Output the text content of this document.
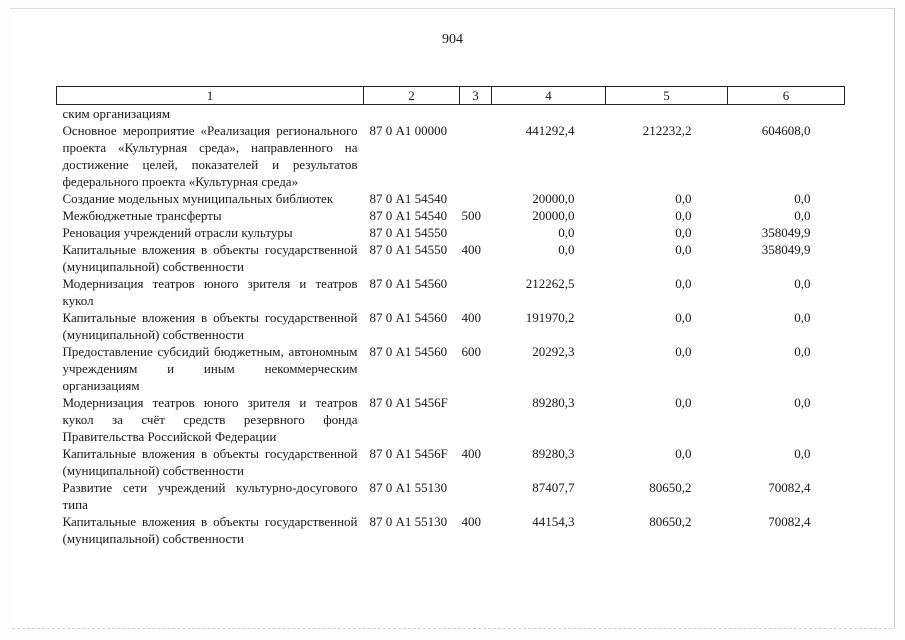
904
1	2	3	4	5	6
ским организациям					
Основное мероприятие «Реализация регионального проекта «Культурная среда», направленного на достижение целей, показателей и результатов федерального проекта «Культурная среда»	87 0 А1 00000		441292,4	212232,2	604608,0
Создание модельных муниципальных библиотек	87 0 А1 54540		20000,0	0,0	0,0
Межбюджетные трансферты	87 0 А1 54540	500	20000,0	0,0	0,0
Реновация учреждений отрасли культуры	87 0 А1 54550		0,0	0,0	358049,9
Капитальные вложения в объекты государственной (муниципальной) собственности	87 0 А1 54550	400	0,0	0,0	358049,9
Модернизация театров юного зрителя и театров кукол	87 0 А1 54560		212262,5	0,0	0,0
Капитальные вложения в объекты государственной (муниципальной) собственности	87 0 А1 54560	400	191970,2	0,0	0,0
Предоставление субсидий бюджетным, автономным учреждениям и иным некоммерческим организациям	87 0 А1 54560	600	20292,3	0,0	0,0
Модернизация театров юного зрителя и театров кукол за счёт средств резервного фонда Правительства Российской Федерации	87 0 А1 5456F		89280,3	0,0	0,0
Капитальные вложения в объекты государственной (муниципальной) собственности	87 0 А1 5456F	400	89280,3	0,0	0,0
Развитие сети учреждений культурно-досугового типа	87 0 А1 55130		87407,7	80650,2	70082,4
Капитальные вложения в объекты государственной (муниципальной) собственности	87 0 А1 55130	400	44154,3	80650,2	70082,4
